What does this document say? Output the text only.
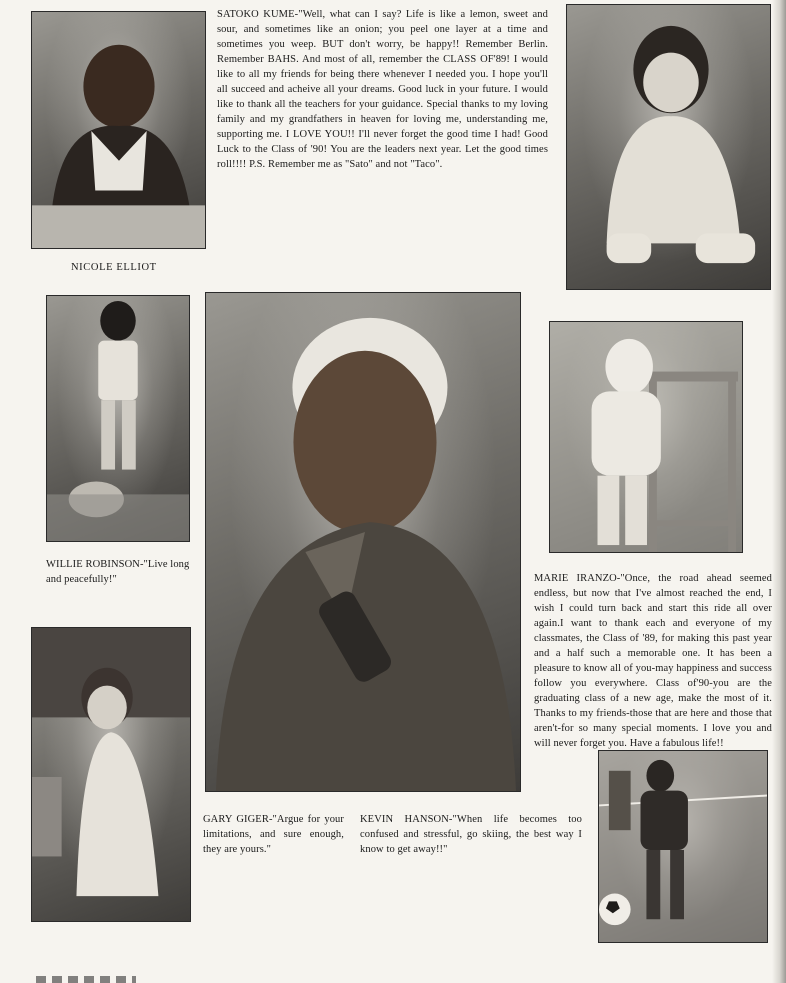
SATOKO KUME-"Well, what can I say? Life is like a lemon, sweet and sour, and sometimes like an onion; you peel one layer at a time and sometimes you weep. BUT don't worry, be happy!! Remember Berlin. Remember BAHS. And most of all, remember the CLASS OF'89! I would like to all my friends for being there whenever I needed you. I hope you'll all succeed and acheive all your dreams. Good luck in your future. I would like to thank all the teachers for your guidance. Special thanks to my loving family and my grandfathers in heaven for loving me, understanding me, supporting me. I LOVE YOU!! I'll never forget the good time I had! Good Luck to the Class of '90! You are the leaders next year. Let the good times roll!!!! P.S. Remember me as "Sato" and not "Taco".
NICOLE ELLIOT
WILLIE ROBINSON-"Live long and peacefully!"	MARIE IRANZO-"Once, the road ahead seemed endless, but now that I've almost reached the end, I wish I could turn back and start this ride all over again.I want to thank each and everyone of my classmates, the Class of '89, for making this past year and a half such a memorable one. It has been a pleasure to know all of you-may happiness and success follow you everywhere. Class of'90-you are the graduating class of a new age, make the most of it. Thanks to my friends-those that are here and those that aren't-for so many special moments. I love you and will never forget you. Have a fabulous life!!
GARY GIGER-"Argue for your limitations, and sure enough, they are yours."
KEVIN HANSON-"When life becomes too confused and stressful, go skiing, the best way I know to get away!!"
